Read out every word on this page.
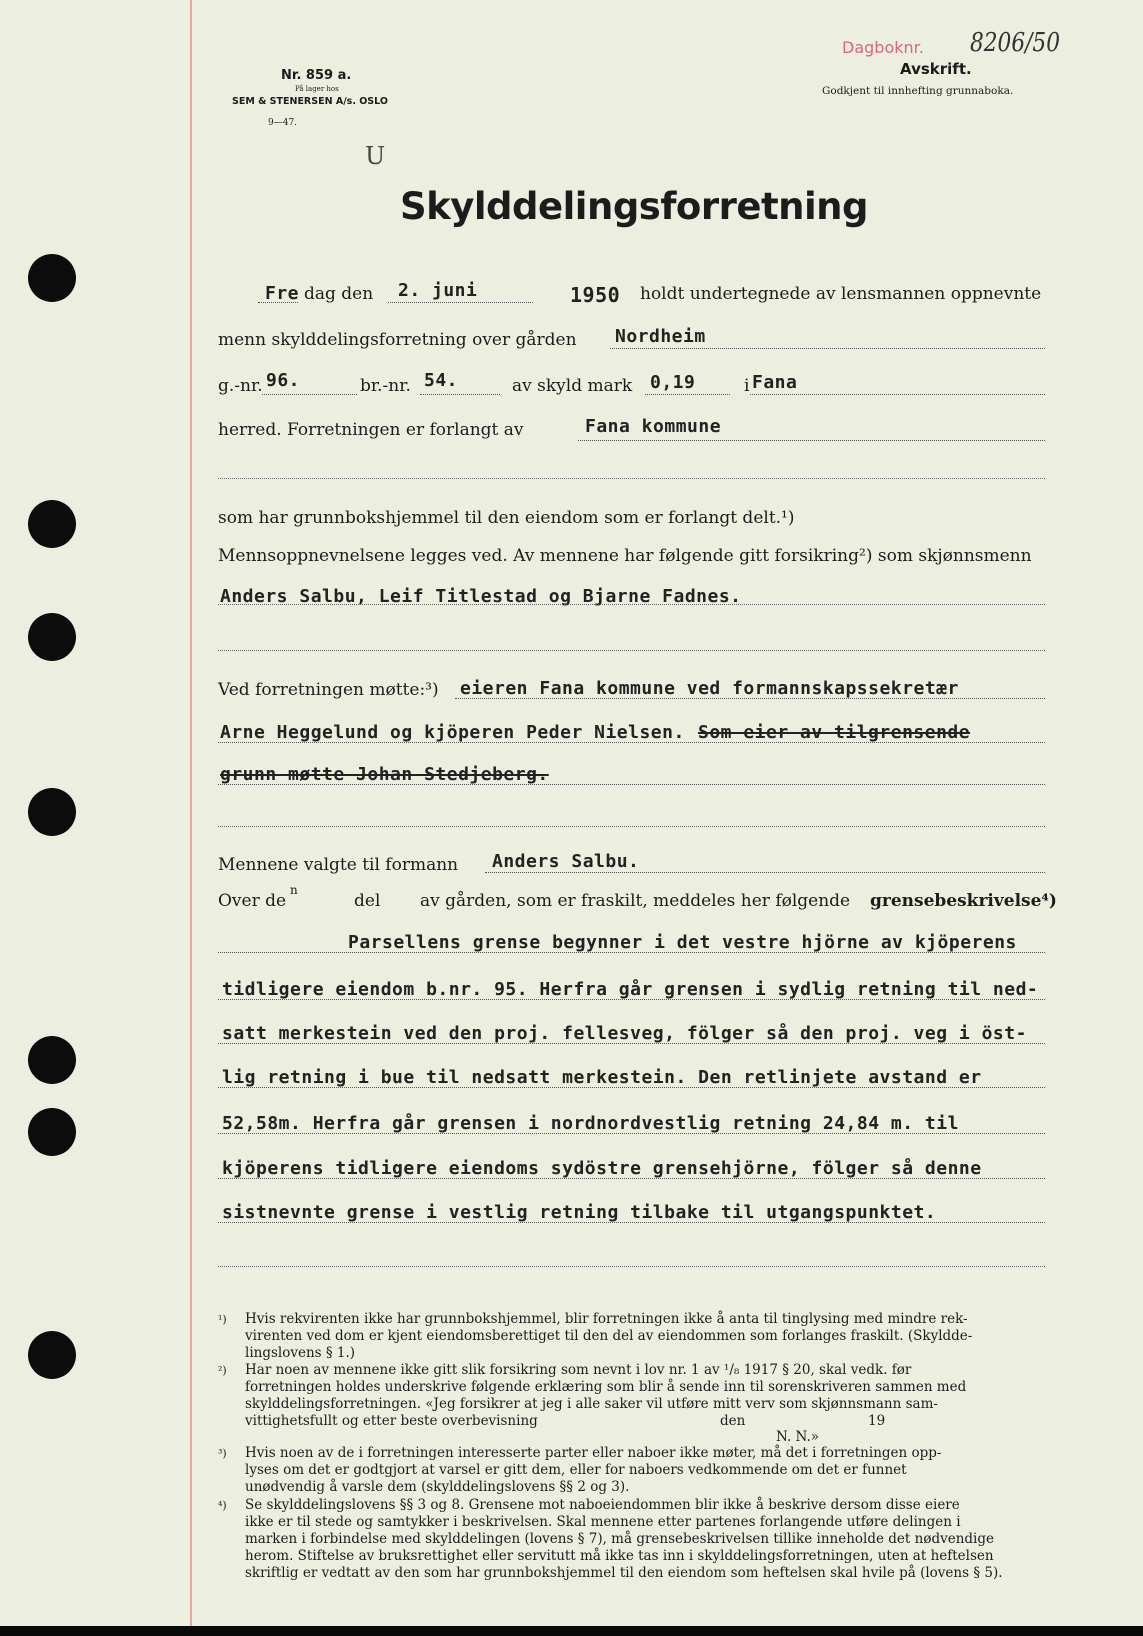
Nr. 859 a.
På lager hos
SEM & STENERSEN A/s. OSLO
9—47.
Dagboknr. 8206/50
Avskrift.
Godkjent til innhefting grunnaboka.
U
Skylddelingsforretning
Fre dag den 2. juni	1950 holdt undertegnede av lensmannen oppnevnte
menn skylddelingsforretning over gården Nordheim
g.-nr. 96.	br.-nr. 54.	av skyld mark 0,19	i Fana
herred. Forretningen er forlangt av	Fana kommune
som har grunnbokshjemmel til den eiendom som er forlangt delt.¹)
Mennsoppnevnelsene legges ved. Av mennene har følgende gitt forsikring²) som skjønnsmenn
Anders Salbu, Leif Titlestad og Bjarne Fadnes.
Ved forretningen møtte:³) eieren Fana kommune ved formannskapssekretær
Arne Heggelund og kjöperen Peder Nielsen. Som eier av tilgrensende
grunn møtte Johan Stedjeberg.
Mennene valgte til formann Anders Salbu.
Over de
n
del av gården, som er fraskilt, meddeles her følgende grensebeskrivelse⁴)
Parsellens grense begynner i det vestre hjörne av kjöperens
tidligere eiendom b.nr. 95. Herfra går grensen i sydlig retning til ned-
satt merkestein ved den proj. fellesveg, fölger så den proj. veg i öst-
lig retning i bue til nedsatt merkestein. Den retlinjete avstand er
52,58m. Herfra går grensen i nordnordvestlig retning 24,84 m. til
kjöperens tidligere eiendoms sydöstre grensehjörne, fölger så denne
sistnevnte grense i vestlig retning tilbake til utgangspunktet.
¹) Hvis rekvirenten ikke har grunnbokshjemmel, blir forretningen ikke å anta til tinglysing med mindre rek-
virenten ved dom er kjent eiendomsberettiget til den del av eiendommen som forlanges fraskilt. (Skyldde-
lingslovens § 1.)
²) Har noen av mennene ikke gitt slik forsikring som nevnt i lov nr. 1 av ¹/₈ 1917 § 20, skal vedk. før
forretningen holdes underskrive følgende erklæring som blir å sende inn til sorenskriveren sammen med
skylddelingsforretningen. «Jeg forsikrer at jeg i alle saker vil utføre mitt verv som skjønnsmann sam-
vittighetsfullt og etter beste overbevisning	den	19
N. N.»
³) Hvis noen av de i forretningen interesserte parter eller naboer ikke møter, må det i forretningen opp-
lyses om det er godtgjort at varsel er gitt dem, eller for naboers vedkommende om det er funnet
unødvendig å varsle dem (skylddelingslovens §§ 2 og 3).
⁴) Se skylddelingslovens §§ 3 og 8. Grensene mot naboeiendommen blir ikke å beskrive dersom disse eiere
ikke er til stede og samtykker i beskrivelsen. Skal mennene etter partenes forlangende utføre delingen i
marken i forbindelse med skylddelingen (lovens § 7), må grensebeskrivelsen tillike inneholde det nødvendige
herom. Stiftelse av bruksrettighet eller servitutt må ikke tas inn i skylddelingsforretningen, uten at heftelsen
skriftlig er vedtatt av den som har grunnbokshjemmel til den eiendom som heftelsen skal hvile på (lovens § 5).
